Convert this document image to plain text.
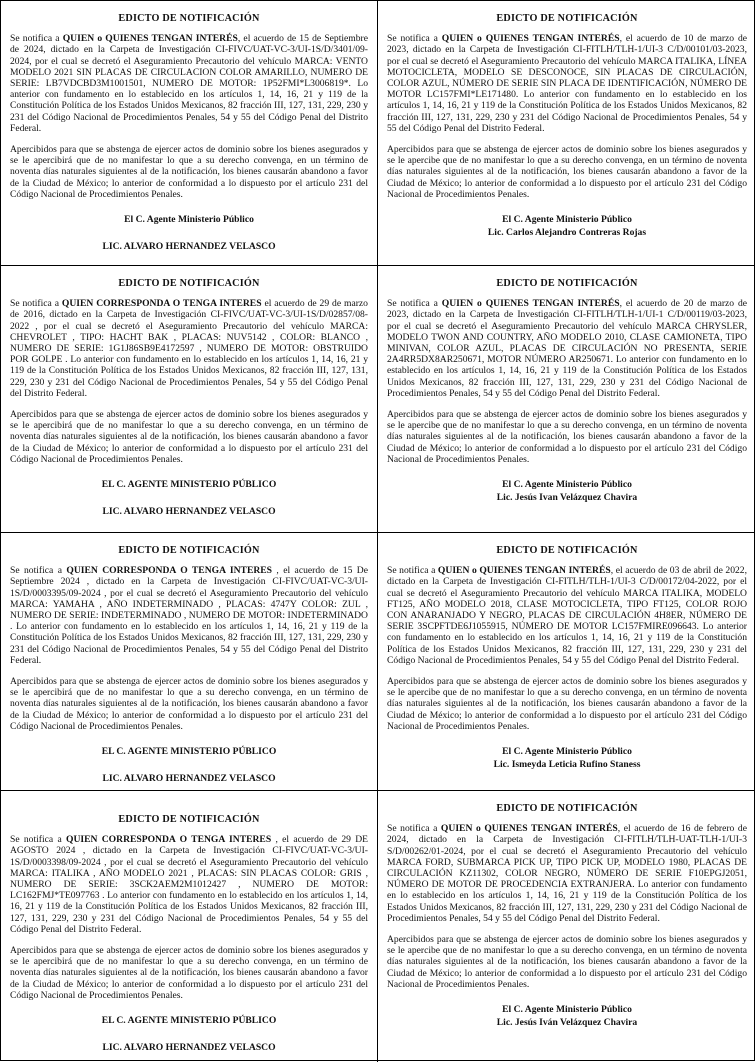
EDICTO DE NOTIFICACIÓN

Se notifica a QUIEN o QUIENES TENGAN INTERÉS, el acuerdo de 15 de Septiembre de 2024, dictado en la Carpeta de Investigación CI-FIVC/UAT-VC-3/UI-1S/D/3401/09-2024, por el cual se decretó el Aseguramiento Precautorio del vehículo MARCA: VENTO MODELO 2021 SIN PLACAS DE CIRCULACION COLOR AMARILLO, NUMERO DE SERIE: LB7VDCBD3M1001501, NUMERO DE MOTOR: 1P52FMI*L3006819*. Lo anterior con fundamento en lo establecido en los artículos 1, 14, 16, 21 y 119 de la Constitución Política de los Estados Unidos Mexicanos, 82 fracción III, 127, 131, 229, 230 y 231 del Código Nacional de Procedimientos Penales, 54 y 55 del Código Penal del Distrito Federal.

Apercibidos para que se abstenga de ejercer actos de dominio sobre los bienes asegurados y se le apercibirá que de no manifestar lo que a su derecho convenga, en un término de noventa días naturales siguientes al de la notificación, los bienes causarán abandono a favor de la Ciudad de México; lo anterior de conformidad a lo dispuesto por el artículo 231 del Código Nacional de Procedimientos Penales.

El C. Agente Ministerio Público

LIC. ALVARO HERNANDEZ VELASCO

EDICTO DE NOTIFICACIÓN

Se notifica a QUIEN o QUIENES TENGAN INTERÉS, el acuerdo de 10 de marzo de 2023, dictado en la Carpeta de Investigación CI-FITLH/TLH-1/UI-3 C/D/00101/03-2023, por el cual se decretó el Aseguramiento Precautorio del vehículo MARCA ITALIKA, LÍNEA MOTOCICLETA, MODELO SE DESCONOCE, SIN PLACAS DE CIRCULACIÓN, COLOR AZUL, NÚMERO DE SERIE SIN PLACA DE IDENTIFICACIÓN, NÚMERO DE MOTOR LC157FMI*LE171480. Lo anterior con fundamento en lo establecido en los artículos 1, 14, 16, 21 y 119 de la Constitución Política de los Estados Unidos Mexicanos, 82 fracción III, 127, 131, 229, 230 y 231 del Código Nacional de Procedimientos Penales, 54 y 55 del Código Penal del Distrito Federal.

Apercibidos para que se abstenga de ejercer actos de dominio sobre los bienes asegurados y se le apercibe que de no manifestar lo que a su derecho convenga, en un término de noventa días naturales siguientes al de la notificación, los bienes causarán abandono a favor de la Ciudad de México; lo anterior de conformidad a lo dispuesto por el artículo 231 del Código Nacional de Procedimientos Penales.

El C. Agente Ministerio Público

Lic. Carlos Alejandro Contreras Rojas

EDICTO DE NOTIFICACIÓN

Se notifica a QUIEN CORRESPONDA O TENGA INTERES el acuerdo de 29 de marzo de 2016, dictado en la Carpeta de Investigación CI-FIVC/UAT-VC-3/UI-1S/D/02857/08-2022 , por el cual se decretó el Aseguramiento Precautorio del vehículo MARCA: CHEVROLET , TIPO: HACHT BAK , PLACAS: NUV5142 , COLOR: BLANCO , NUMERO DE SERIE: 1G1J86SB9E4172597 , NUMERO DE MOTOR: OBSTRUIDO POR GOLPE . Lo anterior con fundamento en lo establecido en los artículos 1, 14, 16, 21 y 119 de la Constitución Política de los Estados Unidos Mexicanos, 82 fracción III, 127, 131, 229, 230 y 231 del Código Nacional de Procedimientos Penales, 54 y 55 del Código Penal del Distrito Federal.

Apercibidos para que se abstenga de ejercer actos de dominio sobre los bienes asegurados y se le apercibirá que de no manifestar lo que a su derecho convenga, en un término de noventa días naturales siguientes al de la notificación, los bienes causarán abandono a favor de la Ciudad de México; lo anterior de conformidad a lo dispuesto por el artículo 231 del Código Nacional de Procedimientos Penales.

EL C. AGENTE MINISTERIO PÚBLICO

LIC. ALVARO HERNANDEZ VELASCO

EDICTO DE NOTIFICACIÓN

Se notifica a QUIEN o QUIENES TENGAN INTERÉS, el acuerdo de 20 de marzo de 2023, dictado en la Carpeta de Investigación CI-FITLH/TLH-1/UI-1 C/D/00119/03-2023, por el cual se decretó el Aseguramiento Precautorio del vehículo MARCA CHRYSLER, MODELO TWON AND COUNTRY, AÑO MODELO 2010, CLASE CAMIONETA, TIPO MINIVAN, COLOR AZUL, PLACAS DE CIRCULACIÓN NO PRESENTA, SERIE 2A4RR5DX8AR250671, MOTOR NÚMERO AR250671. Lo anterior con fundamento en lo establecido en los artículos 1, 14, 16, 21 y 119 de la Constitución Política de los Estados Unidos Mexicanos, 82 fracción III, 127, 131, 229, 230 y 231 del Código Nacional de Procedimientos Penales, 54 y 55 del Código Penal del Distrito Federal.

Apercibidos para que se abstenga de ejercer actos de dominio sobre los bienes asegurados y se le apercibe que de no manifestar lo que a su derecho convenga, en un término de noventa días naturales siguientes al de la notificación, los bienes causarán abandono a favor de la Ciudad de México; lo anterior de conformidad a lo dispuesto por el artículo 231 del Código Nacional de Procedimientos Penales.

El C. Agente Ministerio Público

Lic. Jesús Ivan Velázquez Chavira

EDICTO DE NOTIFICACIÓN

Se notifica a QUIEN CORRESPONDA O TENGA INTERES , el acuerdo de 15 De Septiembre 2024 , dictado en la Carpeta de Investigación CI-FIVC/UAT-VC-3/UI-1S/D/0003395/09-2024 , por el cual se decretó el Aseguramiento Precautorio del vehículo MARCA: YAMAHA , AÑO INDETERMINADO , PLACAS: 4747Y COLOR: ZUL , NUMERO DE SERIE: INDETERMINADO , NUMERO DE MOTOR: INDETERMINADO . Lo anterior con fundamento en lo establecido en los artículos 1, 14, 16, 21 y 119 de la Constitución Política de los Estados Unidos Mexicanos, 82 fracción III, 127, 131, 229, 230 y 231 del Código Nacional de Procedimientos Penales, 54 y 55 del Código Penal del Distrito Federal.

Apercibidos para que se abstenga de ejercer actos de dominio sobre los bienes asegurados y se le apercibirá que de no manifestar lo que a su derecho convenga, en un término de noventa días naturales siguientes al de la notificación, los bienes causarán abandono a favor de la Ciudad de México; lo anterior de conformidad a lo dispuesto por el artículo 231 del Código Nacional de Procedimientos Penales.

EL C. AGENTE MINISTERIO PÚBLICO

LIC. ALVARO HERNANDEZ VELASCO

EDICTO DE NOTIFICACIÓN

Se notifica a QUIEN o QUIENES TENGAN INTERÉS, el acuerdo de 03 de abril de 2022, dictado en la Carpeta de Investigación CI-FITLH/TLH-1/UI-3 C/D/00172/04-2022, por el cual se decretó el Aseguramiento Precautorio del vehículo MARCA ITALIKA, MODELO FT125, AÑO MODELO 2018, CLASE MOTOCICLETA, TIPO FT125, COLOR ROJO CON ANARANJADO Y NEGRO, PLACAS DE CIRCULACIÓN 4H8ER, NÚMERO DE SERIE 3SCPFTDE6J1055915, NÚMERO DE MOTOR LC157FMIRE096643. Lo anterior con fundamento en lo establecido en los artículos 1, 14, 16, 21 y 119 de la Constitución Política de los Estados Unidos Mexicanos, 82 fracción III, 127, 131, 229, 230 y 231 del Código Nacional de Procedimientos Penales, 54 y 55 del Código Penal del Distrito Federal.

Apercibidos para que se abstenga de ejercer actos de dominio sobre los bienes asegurados y se le apercibe que de no manifestar lo que a su derecho convenga, en un término de noventa días naturales siguientes al de la notificación, los bienes causarán abandono a favor de la Ciudad de México; lo anterior de conformidad a lo dispuesto por el artículo 231 del Código Nacional de Procedimientos Penales.

El C. Agente Ministerio Público

Lic. Ismeyda Leticia Rufino Staness

EDICTO DE NOTIFICACIÓN

Se notifica a QUIEN CORRESPONDA O TENGA INTERES , el acuerdo de 29 DE AGOSTO 2024 , dictado en la Carpeta de Investigación CI-FIVC/UAT-VC-3/UI-1S/D/0003398/09-2024 , por el cual se decretó el Aseguramiento Precautorio del vehículo MARCA: ITALIKA , AÑO MODELO 2021 , PLACAS: SIN PLACAS COLOR: GRIS , NUMERO DE SERIE: 3SCK2AEM2M1012427 , NUMERO DE MOTOR: LC162FMJ*TE097763 . Lo anterior con fundamento en lo establecido en los artículos 1, 14, 16, 21 y 119 de la Constitución Política de los Estados Unidos Mexicanos, 82 fracción III, 127, 131, 229, 230 y 231 del Código Nacional de Procedimientos Penales, 54 y 55 del Código Penal del Distrito Federal.

Apercibidos para que se abstenga de ejercer actos de dominio sobre los bienes asegurados y se le apercibirá que de no manifestar lo que a su derecho convenga, en un término de noventa días naturales siguientes al de la notificación, los bienes causarán abandono a favor de la Ciudad de México; lo anterior de conformidad a lo dispuesto por el artículo 231 del Código Nacional de Procedimientos Penales.

EL C. AGENTE MINISTERIO PÚBLICO

LIC. ALVARO HERNANDEZ VELASCO

EDICTO DE NOTIFICACIÓN

Se notifica a QUIEN o QUIENES TENGAN INTERÉS, el acuerdo de 16 de febrero de 2024, dictado en la Carpeta de Investigación CI-FITLH/TLH-UAT-TLH-1/UI-3 S/D/00262/01-2024, por el cual se decretó el Aseguramiento Precautorio del vehículo MARCA FORD, SUBMARCA PICK UP, TIPO PICK UP, MODELO 1980, PLACAS DE CIRCULACIÓN KZ11302, COLOR NEGRO, NÚMERO DE SERIE F10EPGJ2051, NÚMERO DE MOTOR DE PROCEDENCIA EXTRANJERA. Lo anterior con fundamento en lo establecido en los artículos 1, 14, 16, 21 y 119 de la Constitución Política de los Estados Unidos Mexicanos, 82 fracción III, 127, 131, 229, 230 y 231 del Código Nacional de Procedimientos Penales, 54 y 55 del Código Penal del Distrito Federal.

Apercibidos para que se abstenga de ejercer actos de dominio sobre los bienes asegurados y se le apercibe que de no manifestar lo que a su derecho convenga, en un término de noventa días naturales siguientes al de la notificación, los bienes causarán abandono a favor de la Ciudad de México; lo anterior de conformidad a lo dispuesto por el artículo 231 del Código Nacional de Procedimientos Penales.

El C. Agente Ministerio Público

Lic. Jesús Iván Velázquez Chavira
